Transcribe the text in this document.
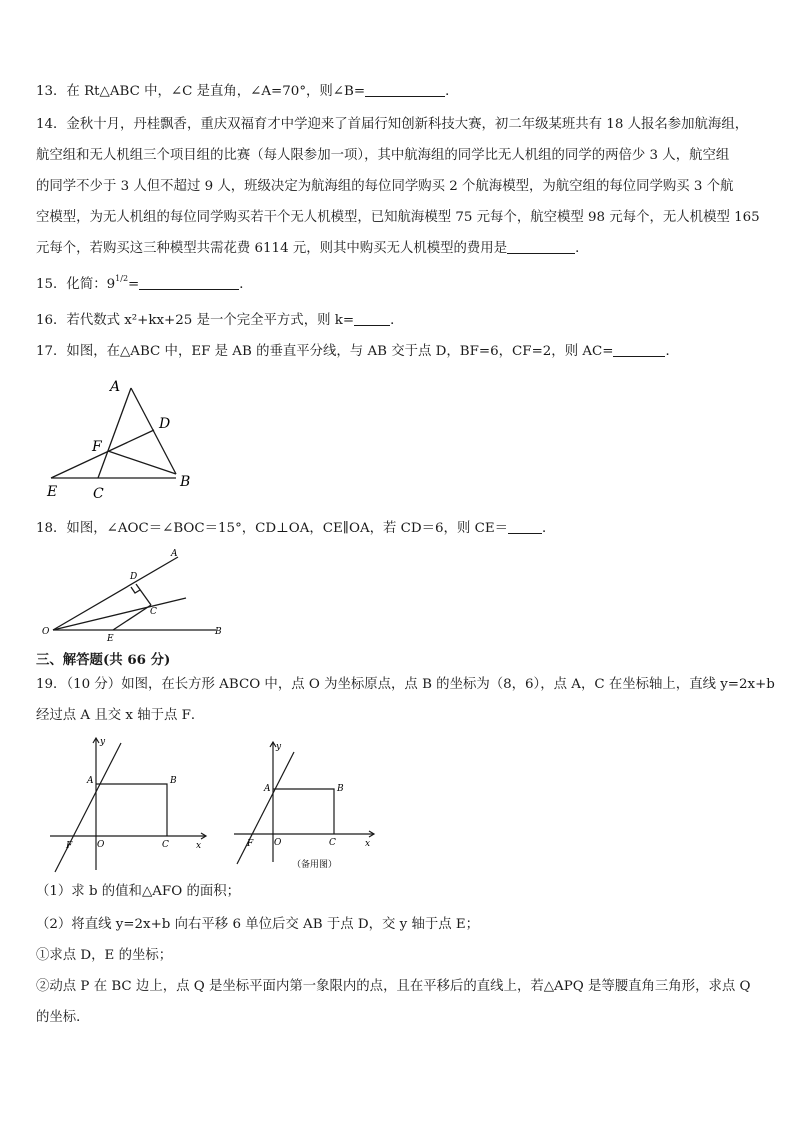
13．在 Rt△ABC 中，∠C 是直角，∠A=70°，则∠B=	．
14．金秋十月，丹桂飘香，重庆双福育才中学迎来了首届行知创新科技大赛，初二年级某班共有 18 人报名参加航海组，
航空组和无人机组三个项目组的比赛（每人限参加一项），其中航海组的同学比无人机组的同学的两倍少 3 人，航空组
的同学不少于 3 人但不超过 9 人，班级决定为航海组的每位同学购买 2 个航海模型，为航空组的每位同学购买 3 个航
空模型，为无人机组的每位同学购买若干个无人机模型，已知航海模型 75 元每个，航空模型 98 元每个，无人机模型 165
元每个，若购买这三种模型共需花费 6114 元，则其中购买无人机模型的费用是	．
15．化简：$9^{1/2}=$	．
16．若代数式 x²+kx+25 是一个完全平方式，则 k=	．
17．如图，在△ABC 中，EF 是 AB 的垂直平分线，与 AB 交于点 D，BF=6，CF=2，则 AC=	．
A
D
F
E	C
B
18．如图，∠AOC＝∠BOC＝15°，CD⊥OA，CE∥OA，若 CD＝6，则 CE＝	．
A
D
C
O
E
B
三、解答题(共 66 分)
19．（10 分）如图，在长方形 ABCO 中，点 O 为坐标原点，点 B 的坐标为（8，6），点 A，C 在坐标轴上，直线 y=2x+b
经过点 A 且交 x 轴于点 F．
y
x
A	B
C
O
F
y
x
A	B
C
O
F
（备用图）
（1）求 b 的值和△AFO 的面积；
（2）将直线 y=2x+b 向右平移 6 单位后交 AB 于点 D，交 y 轴于点 E；
①求点 D，E 的坐标；
②动点 P 在 BC 边上，点 Q 是坐标平面内第一象限内的点，且在平移后的直线上，若△APQ 是等腰直角三角形，求点 Q
的坐标．
